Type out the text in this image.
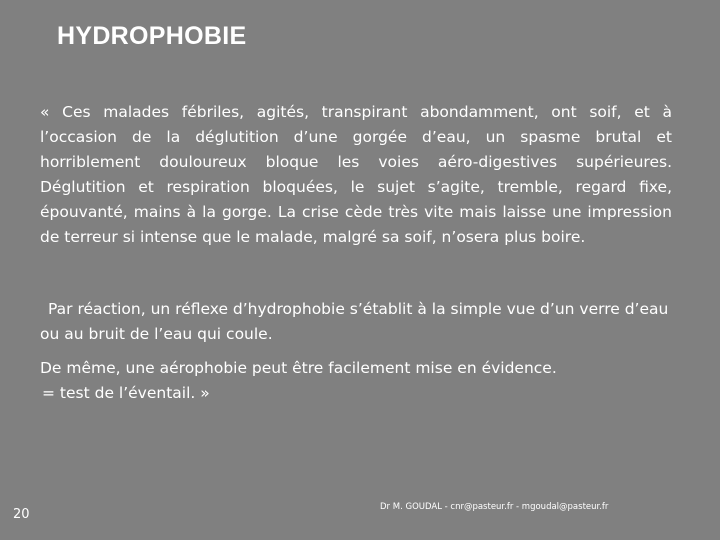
HYDROPHOBIE

« Ces malades fébriles, agités, transpirant abondamment, ont soif, et à l’occasion de la déglutition d’une gorgée d’eau, un spasme brutal et horriblement douloureux bloque les voies aéro-digestives supérieures. Déglutition et respiration bloquées, le sujet s’agite, tremble, regard fixe, épouvanté, mains à la gorge. La crise cède très vite mais laisse une impression de terreur si intense que le malade, malgré sa soif, n’osera plus boire.

Par réaction, un réflexe d’hydrophobie s’établit à la simple vue d’un verre d’eau ou au bruit de l’eau qui coule.

De même, une aérophobie peut être facilement mise en évidence.
= test de l’éventail. »

20	Dr M. GOUDAL - cnr@pasteur.fr - mgoudal@pasteur.fr
